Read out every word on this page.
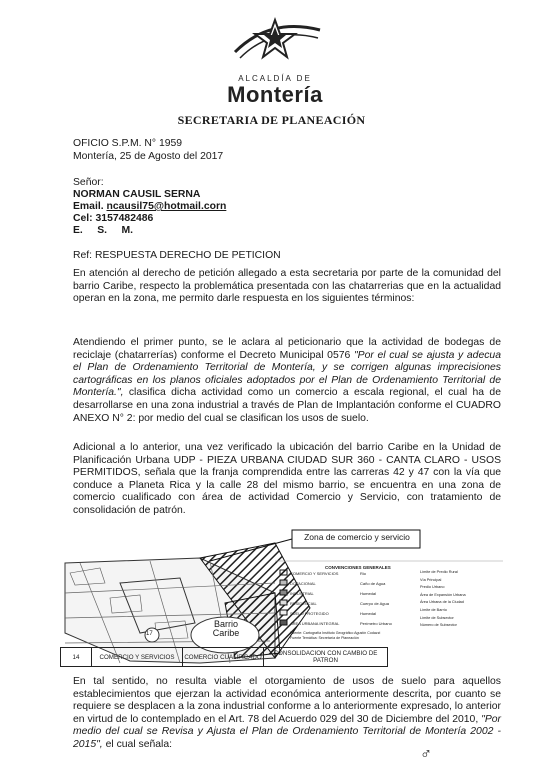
ALCALDÍA DE
Montería
SECRETARIA DE PLANEACIÓN
OFICIO S.P.M. N° 1959
Montería, 25 de Agosto del 2017
Señor:
NORMAN CAUSIL SERNA
Email. ncausil75@hotmail.corn
Cel: 3157482486
E.     S.     M.
Ref: RESPUESTA DERECHO DE PETICION
En atención al derecho de petición allegado a esta secretaria por parte de la comunidad del barrio Caribe, respecto la problemática presentada con las chatarrerias que en la actualidad operan en la zona, me permito darle respuesta en los siguientes términos:
Atendiendo el primer punto, se le aclara al peticionario que la actividad de bodegas de reciclaje (chatarrerías) conforme el Decreto Municipal 0576 "Por el cual se ajusta y adecua el Plan de Ordenamiento Territorial de Montería, y se corrigen algunas imprecisiones cartográficas en los planos oficiales adoptados por el Plan de Ordenamiento Territorial de Montería.", clasifica dicha actividad como un comercio a escala regional, el cual ha de desarrollarse en una zona industrial a través de Plan de Implantación conforme el CUADRO ANEXO N° 2: por medio del cual se clasifican los usos de suelo.
Adicional a lo anterior, una vez verificado la ubicación del barrio Caribe en la Unidad de Planificación Urbana UDP - PIEZA URBANA CIUDAD SUR 360 - CANTA CLARO - USOS PERMITIDOS, señala que la franja comprendida entre las carreras 42 y 47 con la vía que conduce a Planeta Rica y la calle 28 del mismo barrio, se encuentra en una zona de comercio cualificado con área de actividad Comercio y Servicio, con tratamiento de consolidación de patrón.
Zona de comercio y servicio
CONVENCIONES GENERALES
COMERCIO Y SERVICIOS
DOTACIONAL
INDUSTRIAL
RESIDENCIAL
SUELO PROTEGIDO
AREA URBANA INTEGRAL
Rio
Caño de Agua
Humedal
Cuerpo de Agua
Humedal
Perímetro Urbano
Límite de Predio Rural
Vía Principal
Predio Urbano
Área de Expansión Urbana
Área Urbana de la Ciudad
Límite de Barrio
Límite de Subsector
Número de Subsector
Fuente: Cartografía Instituto Geográfico Agustín Codazzi
Fuente Temática: Secretaría de Planeación
Barrio
Caribe
17
14	COMERCIO Y SERVICIOS	COMERCIO CUALIFICADO	CONSOLIDACION CON CAMBIO DE PATRON
En tal sentido, no resulta viable el otorgamiento de usos de suelo para aquellos establecimientos que ejerzan la actividad económica anteriormente descrita, por cuanto se requiere se desplacen a la zona industrial conforme a lo anteriormente expresado, lo anterior en virtud de lo contemplado en el Art. 78 del Acuerdo 029 del 30 de Diciembre del 2010, "Por medio del cual se Revisa y Ajusta el Plan de Ordenamiento Territorial de Montería 2002 - 2015", el cual señala:
♂
